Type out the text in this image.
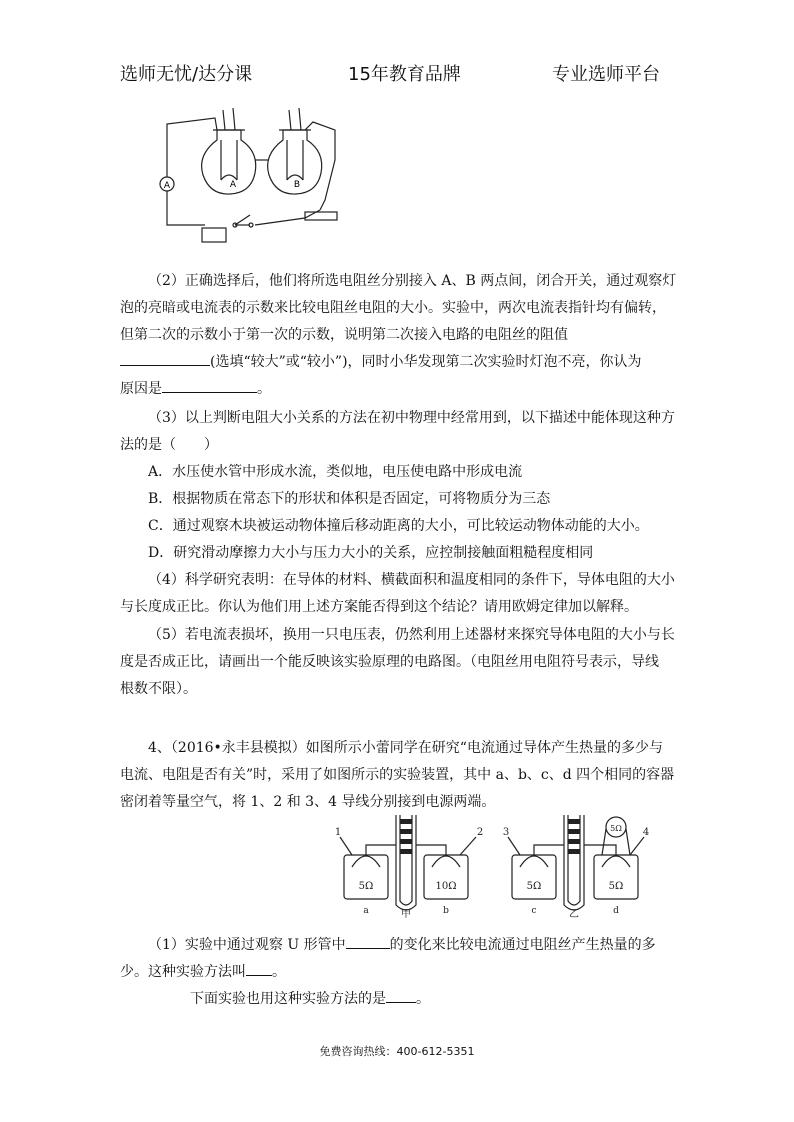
选师无忧/达分课	15年教育品牌	专业选师平台
A	A	B
（2）正确选择后，他们将所选电阻丝分别接入 A、B 两点间，闭合开关，通过观察灯
泡的亮暗或电流表的示数来比较电阻丝电阻的大小。实验中，两次电流表指针均有偏转，
但第二次的示数小于第一次的示数，说明第二次接入电路的电阻丝的阻值
(选填“较大”或“较小”)，同时小华发现第二次实验时灯泡不亮，你认为
原因是	。
（3）以上判断电阻大小关系的方法在初中物理中经常用到，以下描述中能体现这种方
法的是（　　）
A．水压使水管中形成水流，类似地，电压使电路中形成电流
B．根据物质在常态下的形状和体积是否固定，可将物质分为三态
C．通过观察木块被运动物体撞后移动距离的大小，可比较运动物体动能的大小。
D．研究滑动摩擦力大小与压力大小的关系，应控制接触面粗糙程度相同
（4）科学研究表明：在导体的材料、横截面积和温度相同的条件下，导体电阻的大小
与长度成正比。你认为他们用上述方案能否得到这个结论？请用欧姆定律加以解释。
（5）若电流表损坏，换用一只电压表，仍然利用上述器材来探究导体电阻的大小与长
度是否成正比，请画出一个能反映该实验原理的电路图。（电阻丝用电阻符号表示，导线
根数不限）。
4、（2016•永丰县模拟）如图所示小蕾同学在研究“电流通过导体产生热量的多少与
电流、电阻是否有关”时，采用了如图所示的实验装置，其中 a、b、c、d 四个相同的容器
密闭着等量空气，将 1、2 和 3、4 导线分别接到电源两端。
1	2 3	4
5Ω	10Ω	5Ω	5Ω
5Ω
a	b	c	d
甲	乙
（1）实验中通过观察 U 形管中	的变化来比较电流通过电阻丝产生热量的多
少。这种实验方法叫 。
下面实验也用这种实验方法的是 。
免费咨询热线：400-612-5351
